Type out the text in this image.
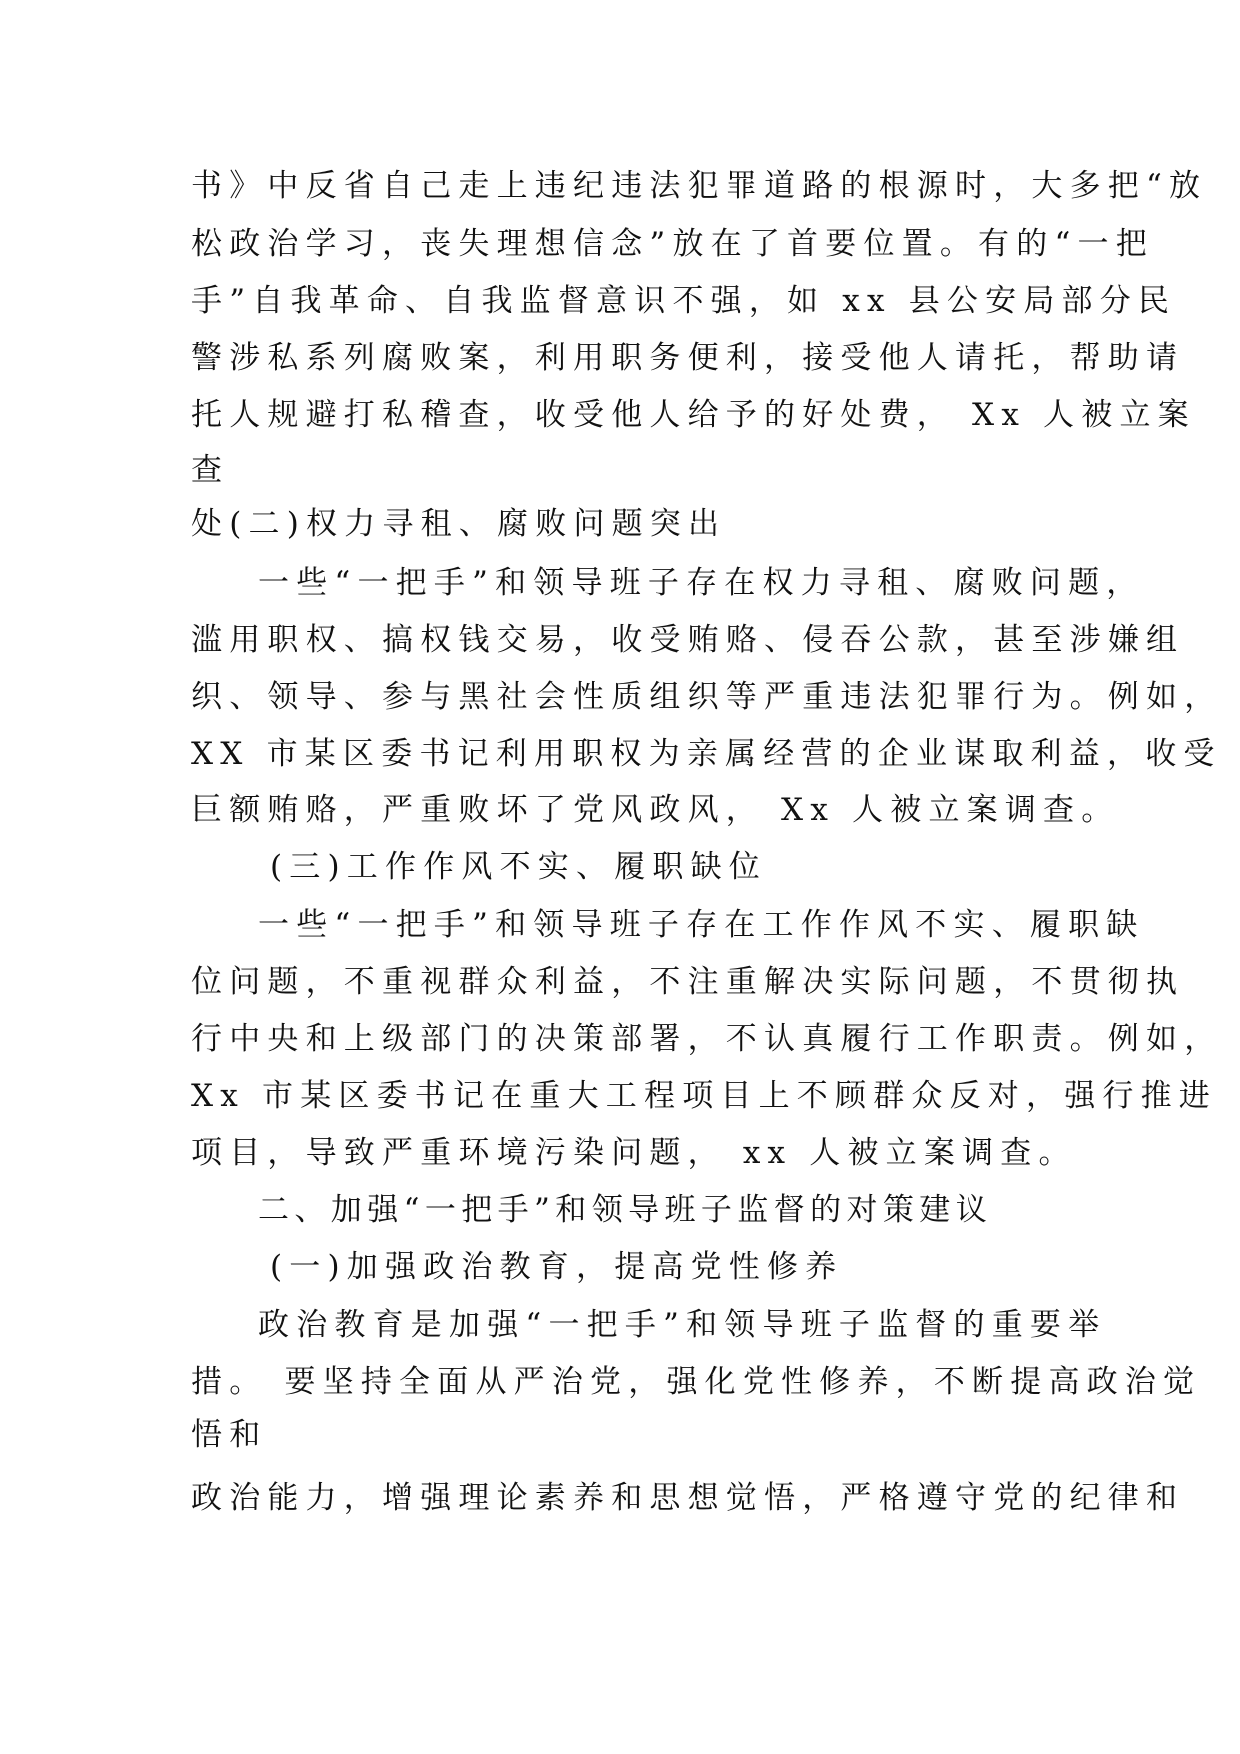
书》中反省自己走上违纪违法犯罪道路的根源时，大多把“放

松政治学习，丧失理想信念”放在了首要位置。有的“一把

手”自我革命、自我监督意识不强，如 xx 县公安局部分民

警涉私系列腐败案，利用职务便利，接受他人请托，帮助请

托人规避打私稽查，收受他人给予的好处费， Xx 人被立案

查

处(二)权力寻租、腐败问题突出

一些“一把手”和领导班子存在权力寻租、腐败问题，

滥用职权、搞权钱交易，收受贿赂、侵吞公款，甚至涉嫌组

织、领导、参与黑社会性质组织等严重违法犯罪行为。例如，

XX 市某区委书记利用职权为亲属经营的企业谋取利益，收受

巨额贿赂，严重败坏了党风政风， Xx 人被立案调查。

(三)工作作风不实、履职缺位

一些“一把手”和领导班子存在工作作风不实、履职缺

位问题，不重视群众利益，不注重解决实际问题，不贯彻执

行中央和上级部门的决策部署，不认真履行工作职责。例如，

Xx 市某区委书记在重大工程项目上不顾群众反对，强行推进

项目，导致严重环境污染问题， xx 人被立案调查。

二、加强“一把手”和领导班子监督的对策建议

(一)加强政治教育，提高党性修养

政治教育是加强“一把手”和领导班子监督的重要举

措。 要坚持全面从严治党，强化党性修养，不断提高政治觉

悟和

政治能力，增强理论素养和思想觉悟，严格遵守党的纪律和
